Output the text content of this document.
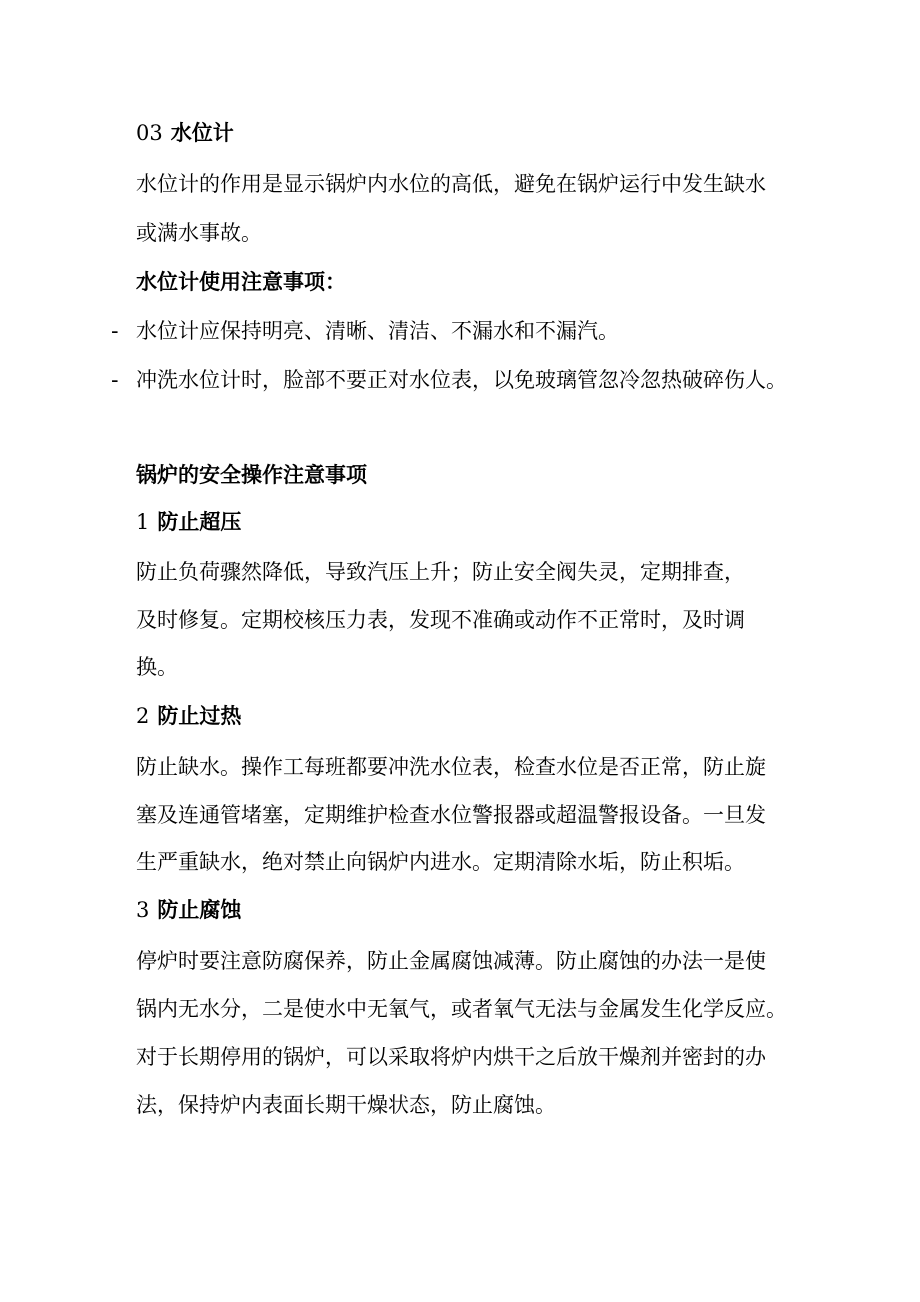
03 水位计
水位计的作用是显示锅炉内水位的高低，避免在锅炉运行中发生缺水
或满水事故。
水位计使用注意事项：
- 水位计应保持明亮、清晰、清洁、不漏水和不漏汽。
- 冲洗水位计时，脸部不要正对水位表，以免玻璃管忽冷忽热破碎伤人。
锅炉的安全操作注意事项
1 防止超压
防止负荷骤然降低，导致汽压上升；防止安全阀失灵，定期排查，
及时修复。定期校核压力表，发现不准确或动作不正常时，及时调
换。
2 防止过热
防止缺水。操作工每班都要冲洗水位表，检查水位是否正常，防止旋
塞及连通管堵塞，定期维护检查水位警报器或超温警报设备。一旦发
生严重缺水，绝对禁止向锅炉内进水。定期清除水垢，防止积垢。
3 防止腐蚀
停炉时要注意防腐保养，防止金属腐蚀减薄。防止腐蚀的办法一是使
锅内无水分，二是使水中无氧气，或者氧气无法与金属发生化学反应。
对于长期停用的锅炉，可以采取将炉内烘干之后放干燥剂并密封的办
法，保持炉内表面长期干燥状态，防止腐蚀。
